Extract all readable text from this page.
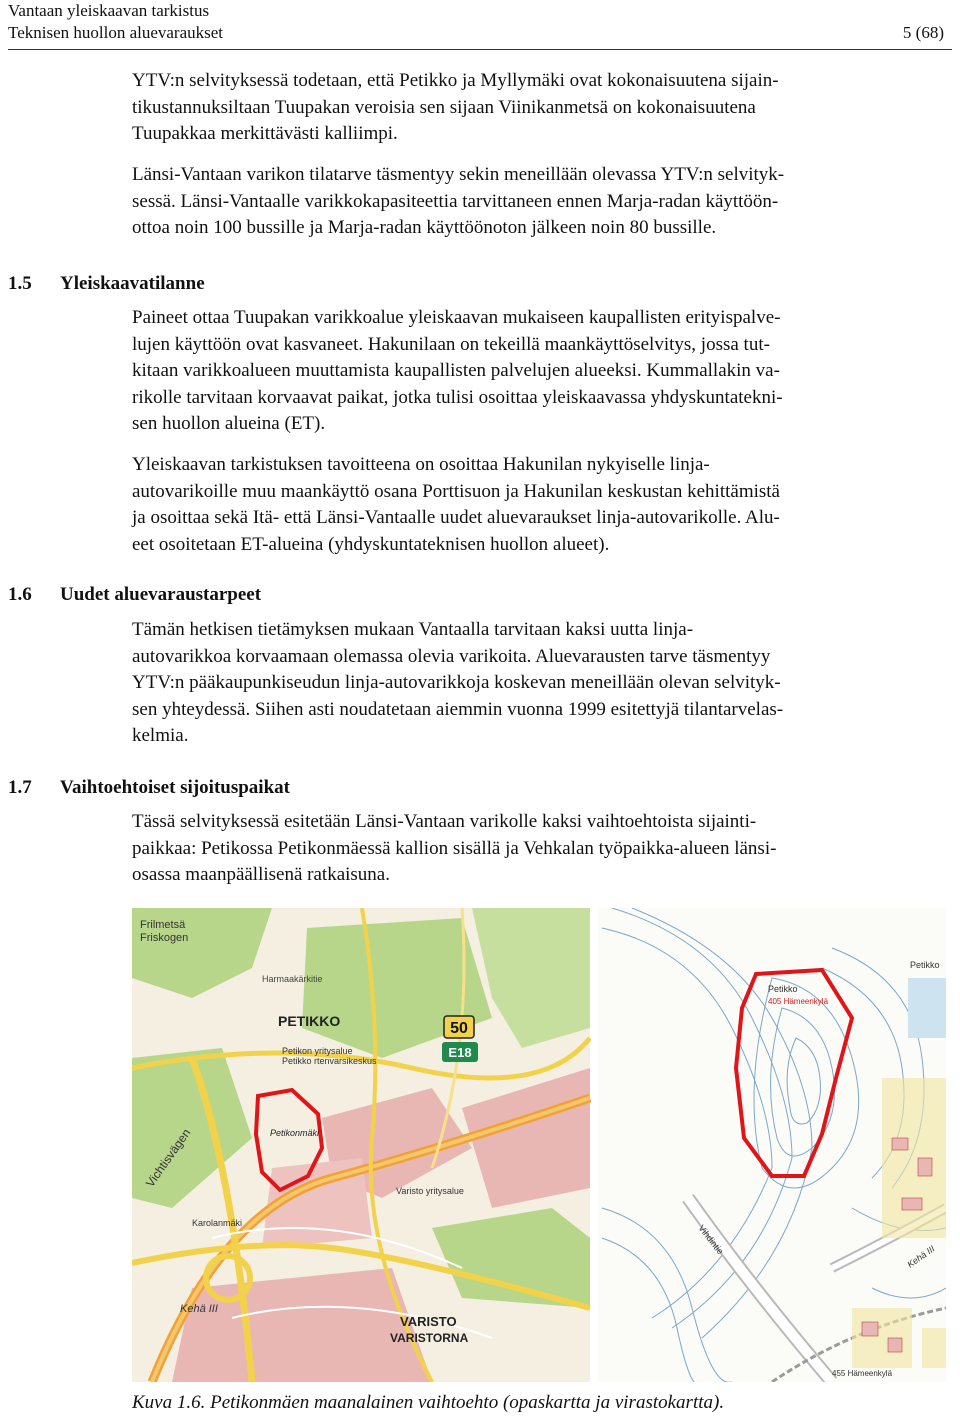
Vantaan yleiskaavan tarkistus
Teknisen huollon aluevaraukset	5 (68)
YTV:n selvityksessä todetaan, että Petikko ja Myllymäki ovat kokonaisuutena sijain-
tikustannuksiltaan Tuupakan veroisia sen sijaan Viinikanmetsä on kokonaisuutena
Tuupakkaa merkittävästi kalliimpi.
Länsi-Vantaan varikon tilatarve täsmentyy sekin meneillään olevassa YTV:n selvityk-
sessä. Länsi-Vantaalle varikkokapasiteettia tarvittaneen ennen Marja-radan käyttöön-
ottoa noin 100 bussille ja Marja-radan käyttöönoton jälkeen noin 80 bussille.
1.5 Yleiskaavatilanne
Paineet ottaa Tuupakan varikkoalue yleiskaavan mukaiseen kaupallisten erityispalve-
lujen käyttöön ovat kasvaneet. Hakunilaan on tekeillä maankäyttöselvitys, jossa tut-
kitaan varikkoalueen muuttamista kaupallisten palvelujen alueeksi. Kummallakin va-
rikolle tarvitaan korvaavat paikat, jotka tulisi osoittaa yleiskaavassa yhdyskuntatekni-
sen huollon alueina (ET).
Yleiskaavan tarkistuksen tavoitteena on osoittaa Hakunilan nykyiselle linja-
autovarikoille muu maankäyttö osana Porttisuon ja Hakunilan keskustan kehittämistä
ja osoittaa sekä Itä- että Länsi-Vantaalle uudet aluevaraukset linja-autovarikolle. Alu-
eet osoitetaan ET-alueina (yhdyskuntateknisen huollon alueet).
1.6 Uudet aluevaraustarpeet
Tämän hetkisen tietämyksen mukaan Vantaalla tarvitaan kaksi uutta linja-
autovarikkoa korvaamaan olemassa olevia varikoita. Aluevarausten tarve täsmentyy
YTV:n pääkaupunkiseudun linja-autovarikkoja koskevan meneillään olevan selvityk-
sen yhteydessä. Siihen asti noudatetaan aiemmin vuonna 1999 esitettyjä tilantarvelas-
kelmia.
1.7 Vaihtoehtoiset sijoituspaikat
Tässä selvityksessä esitetään Länsi-Vantaan varikolle kaksi vaihtoehtoista sijainti-
paikkaa: Petikossa Petikonmäessä kallion sisällä ja Vehkalan työpaikka-alueen länsi-
osassa maanpäällisenä ratkaisuna.
50
E18
Frilmetsä
Friskogen
Harmaakärkitie
PETIKKO
Petikon yritysalue
Petikko rtenvarsikeskus
Petikonmäki
Vichtisvägen
Varisto yritysalue
Karolanmäki
Kehä III
VARISTO
VARISTORNA
Petikko
405 Hämeenkylä
Petikko
Vihdintie
Kehä III
455 Hämeenkylä
Kuva 1.6. Petikonmäen maanalainen vaihtoehto (opaskartta ja virastokartta).
